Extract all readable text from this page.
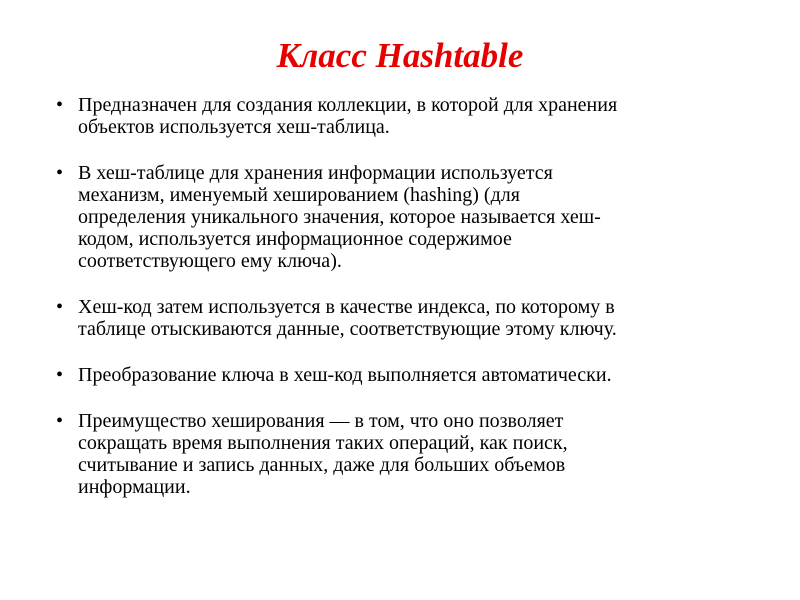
Класс Hashtable
• Предназначен для создания коллекции, в которой для хранения
объектов используется хеш-таблица.
• В хеш-таблице для хранения информации используется
механизм, именуемый хешированием (hashing) (для
определения уникального значения, которое называется хеш-
кодом, используется информационное содержимое
соответствующего ему ключа).
• Хеш-код затем используется в качестве индекса, по которому в
таблице отыскиваются данные, соответствующие этому ключу.
• Преобразование ключа в хеш-код выполняется автоматически.
• Преимущество хеширования — в том, что оно позволяет
сокращать время выполнения таких операций, как поиск,
считывание и запись данных, даже для больших объемов
информации.
